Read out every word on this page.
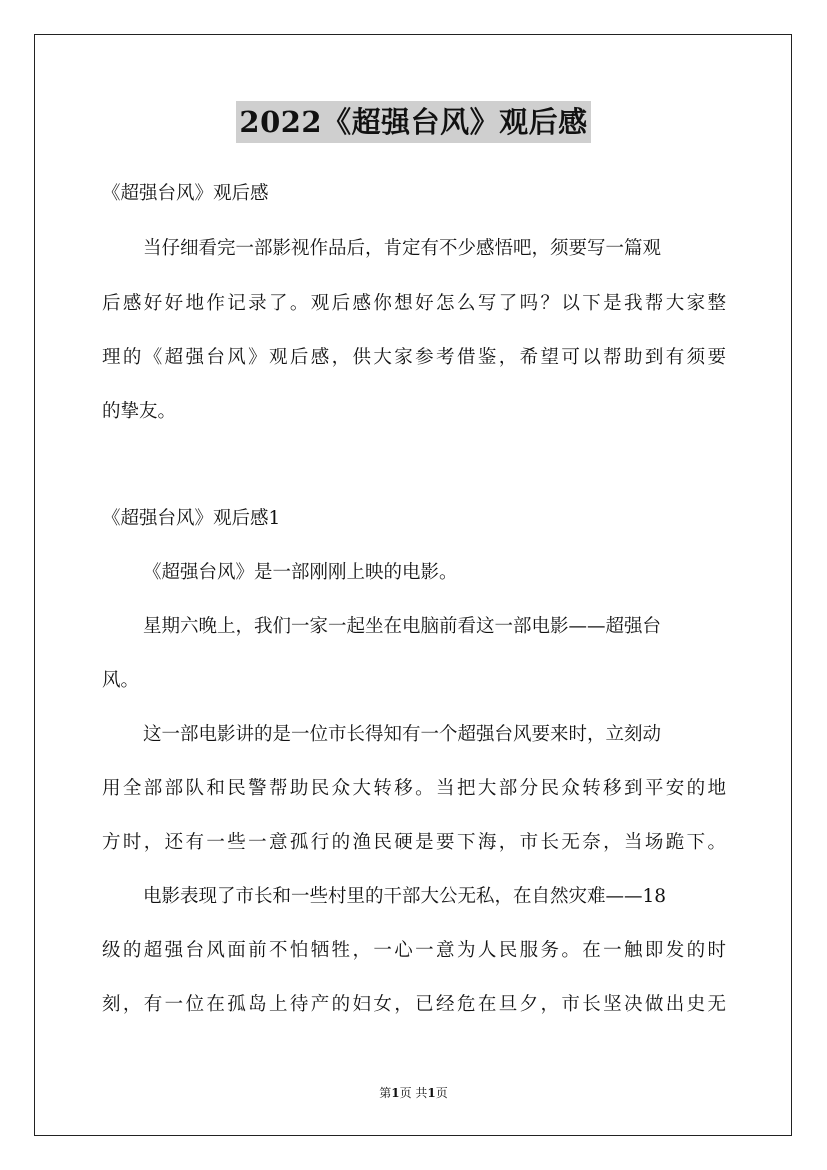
2022《超强台风》观后感
《超强台风》观后感
当仔细看完一部影视作品后，肯定有不少感悟吧，须要写一篇观
后感好好地作记录了。观后感你想好怎么写了吗？以下是我帮大家整
理的《超强台风》观后感，供大家参考借鉴，希望可以帮助到有须要
的挚友。
《超强台风》观后感1
《超强台风》是一部刚刚上映的电影。
星期六晚上，我们一家一起坐在电脑前看这一部电影——超强台
风。
这一部电影讲的是一位市长得知有一个超强台风要来时，立刻动
用全部部队和民警帮助民众大转移。当把大部分民众转移到平安的地
方时，还有一些一意孤行的渔民硬是要下海，市长无奈，当场跪下。
电影表现了市长和一些村里的干部大公无私，在自然灾难——18
级的超强台风面前不怕牺牲，一心一意为人民服务。在一触即发的时
刻，有一位在孤岛上待产的妇女，已经危在旦夕，市长坚决做出史无
第1页 共1页
